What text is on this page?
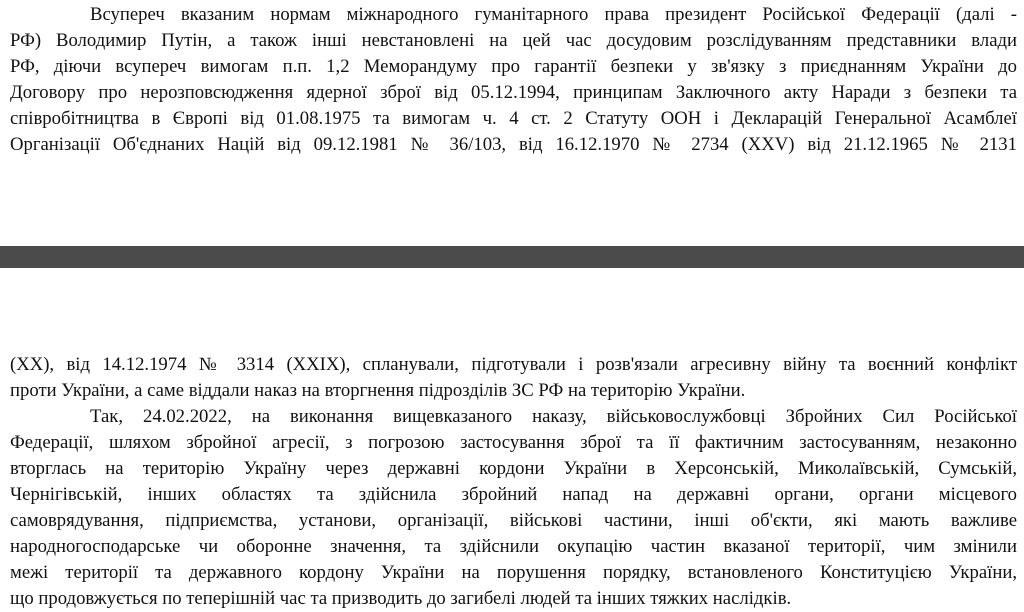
Всупереч вказаним нормам міжнародного гуманітарного права президент Російської Федерації (далі -
РФ) Володимир Путін, а також інші невстановлені на цей час досудовим розслідуванням представники влади
РФ, діючи всупереч вимогам п.п. 1,2 Меморандуму про гарантії безпеки у зв'язку з приєднанням України до
Договору про нерозповсюдження ядерної зброї від 05.12.1994, принципам Заключного акту Наради з безпеки та
співробітництва в Європі від 01.08.1975 та вимогам ч. 4 ст. 2 Статуту ООН і Декларацій Генеральної Асамблеї
Організації Об'єднаних Націй від 09.12.1981 № 36/103, від 16.12.1970 № 2734 (XXV) від 21.12.1965 № 2131
(XX), від 14.12.1974 № 3314 (XXIX), спланували, підготували і розв'язали агресивну війну та воєнний конфлікт
проти України, а саме віддали наказ на вторгнення підрозділів ЗС РФ на територію України.
Так, 24.02.2022, на виконання вищевказаного наказу, військовослужбовці Збройних Сил Російської
Федерації, шляхом збройної агресії, з погрозою застосування зброї та її фактичним застосуванням, незаконно
вторглась на територію Україну через державні кордони України в Херсонській, Миколаївській, Сумській,
Чернігівській, інших областях та здійснила збройний напад на державні органи, органи місцевого
самоврядування, підприємства, установи, організації, військові частини, інші об'єкти, які мають важливе
народногосподарське чи оборонне значення, та здійснили окупацію частин вказаної території, чим змінили
межі території та державного кордону України на порушення порядку, встановленого Конституцією України,
що продовжується по теперішній час та призводить до загибелі людей та інших тяжких наслідків.
